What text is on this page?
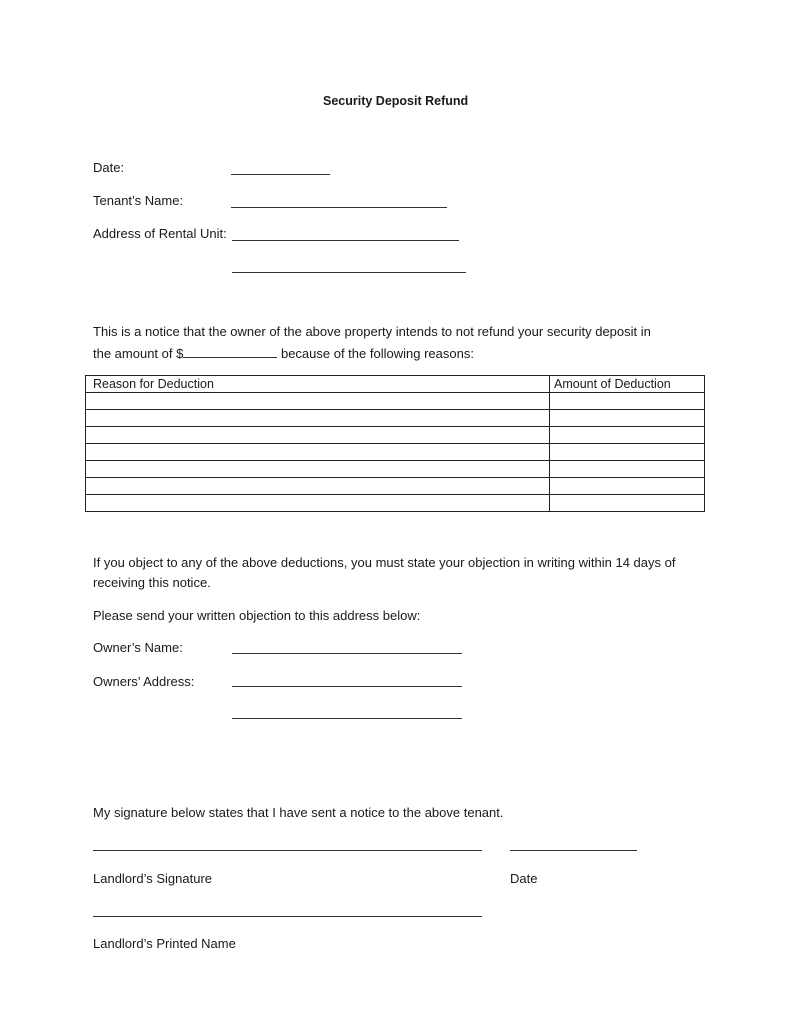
Security Deposit Refund
Date:
Tenant’s Name:
Address of Rental Unit:
This is a notice that the owner of the above property intends to not refund your security deposit in
the amount of $	because of the following reasons:
Reason for Deduction	Amount of Deduction

If you object to any of the above deductions, you must state your objection in writing within 14 days of
receiving this notice.
Please send your written objection to this address below:
Owner’s Name:
Owners’ Address:
My signature below states that I have sent a notice to the above tenant.
Landlord’s Signature	Date
Landlord’s Printed Name
